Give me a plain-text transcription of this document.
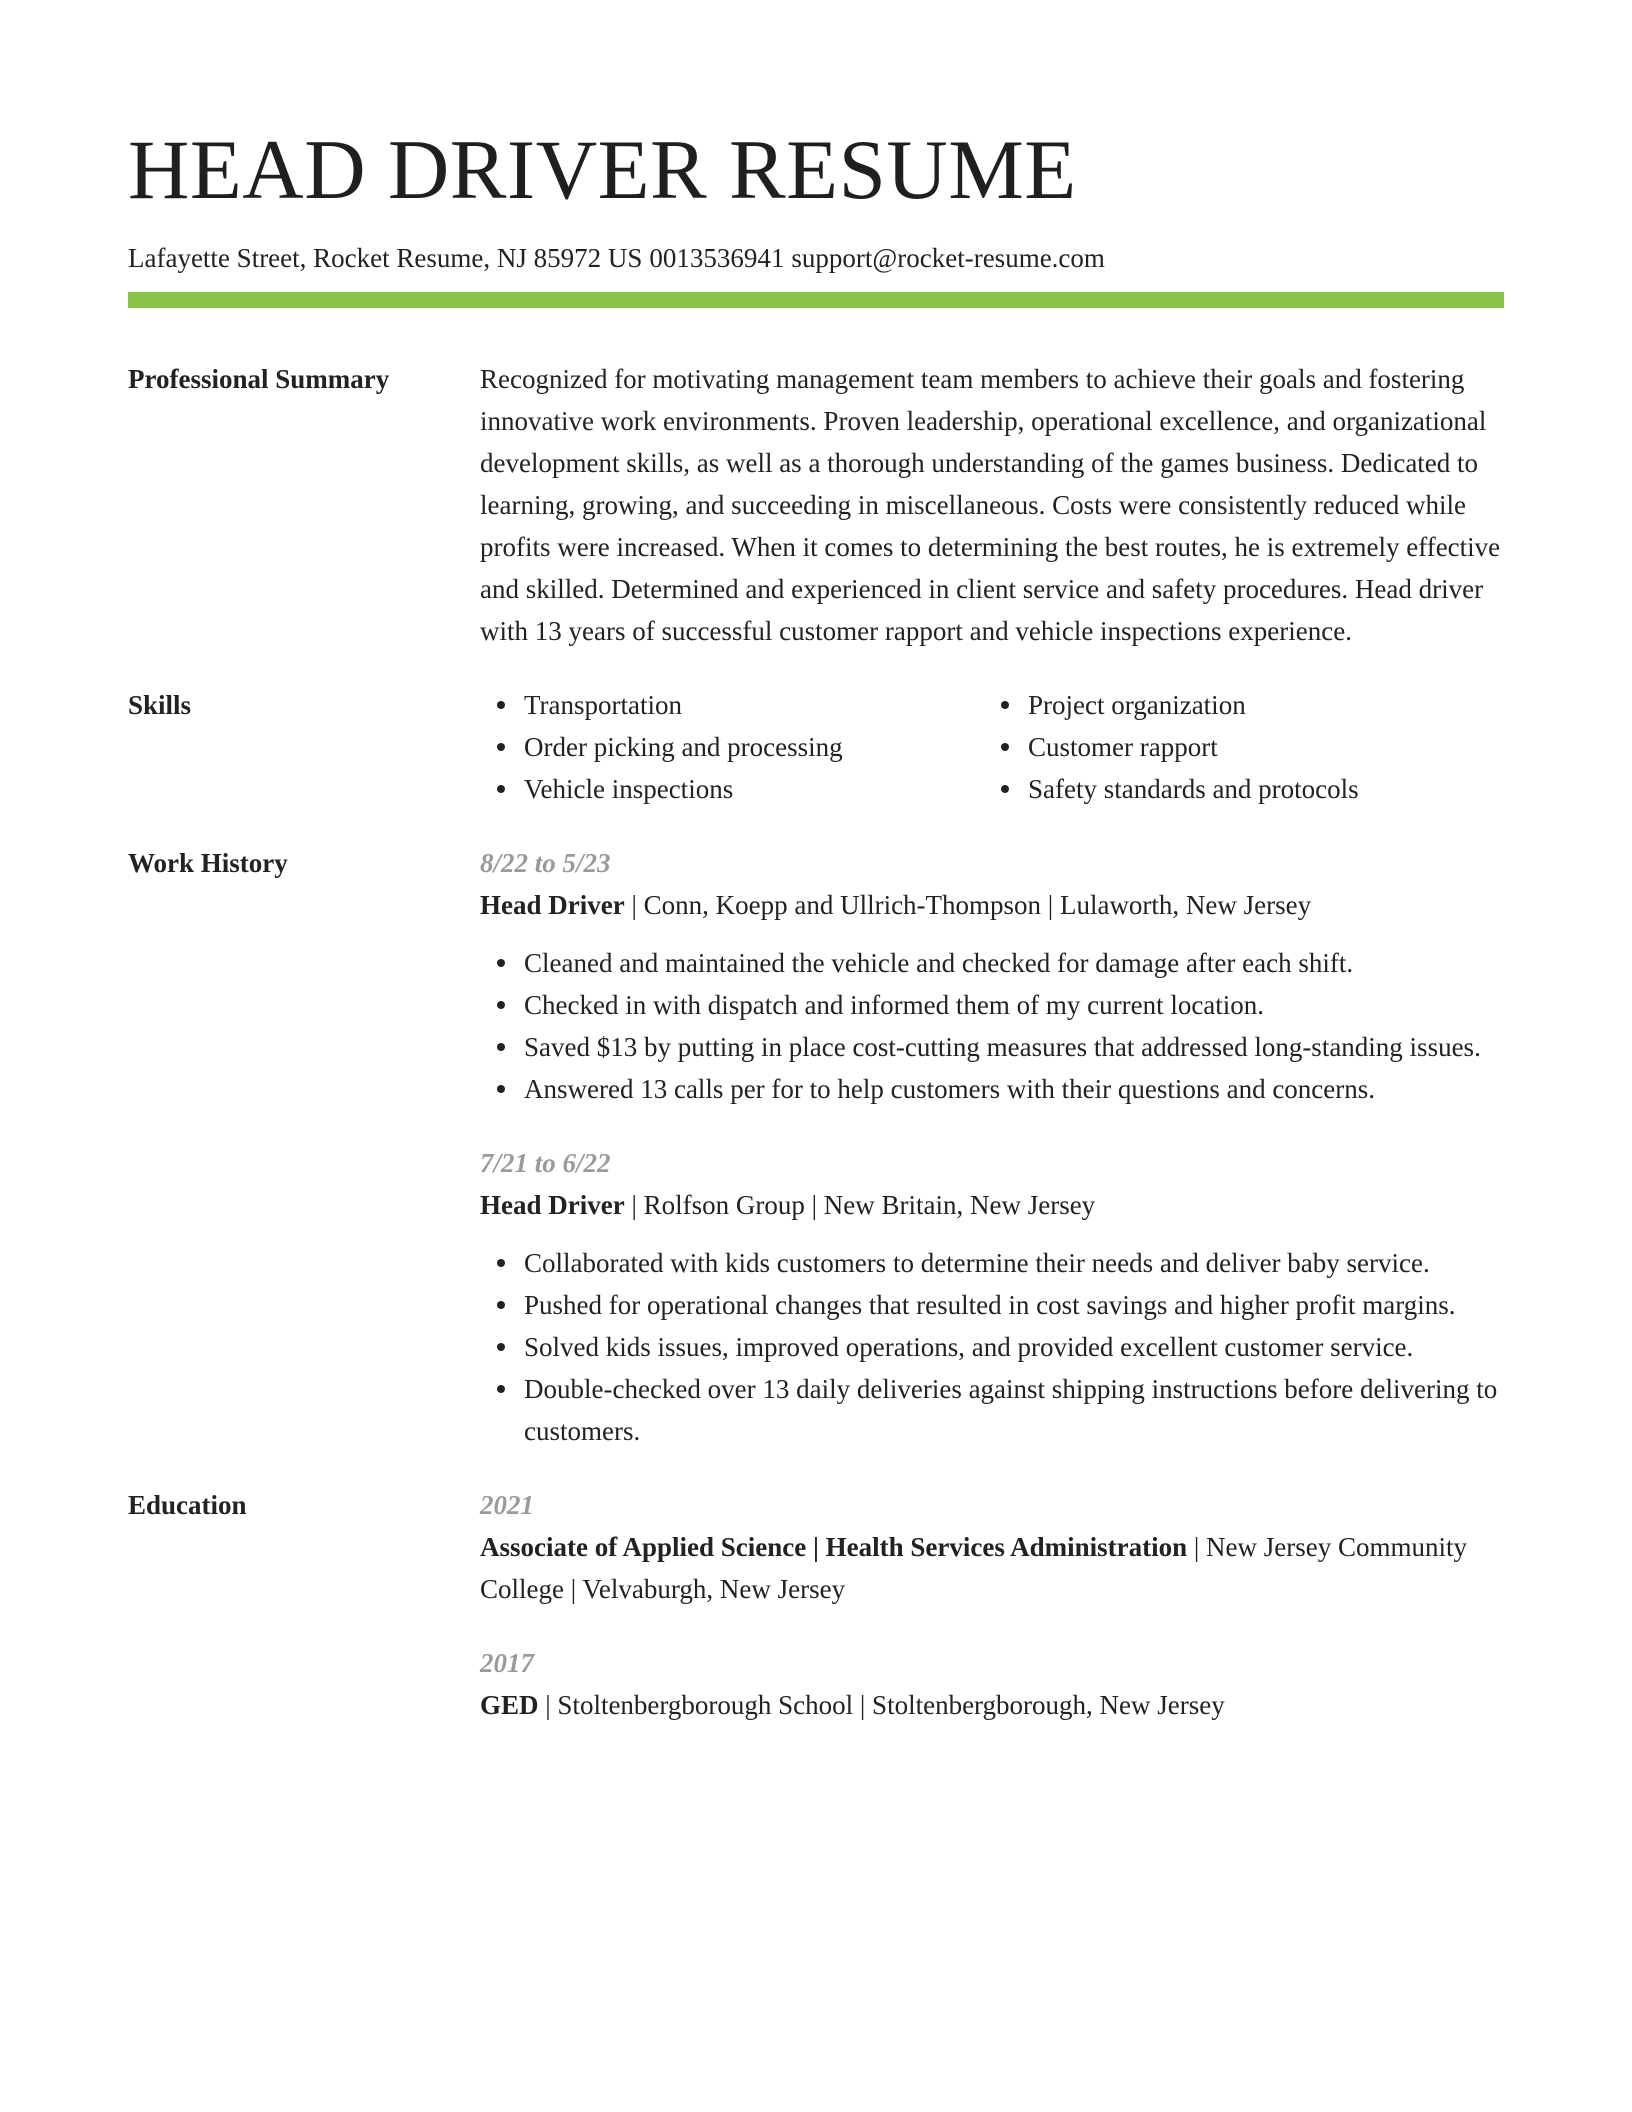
HEAD DRIVER RESUME
Lafayette Street, Rocket Resume, NJ 85972 US 0013536941 support@rocket-resume.com
Professional Summary	Recognized for motivating management team members to achieve their goals and fostering innovative work environments. Proven leadership, operational excellence, and organizational development skills, as well as a thorough understanding of the games business. Dedicated to learning, growing, and succeeding in miscellaneous. Costs were consistently reduced while profits were increased. When it comes to determining the best routes, he is extremely effective and skilled. Determined and experienced in client service and safety procedures. Head driver with 13 years of successful customer rapport and vehicle inspections experience.

Skills	Transportation
Order picking and processing
Vehicle inspections
Project organization
Customer rapport
Safety standards and protocols
Work History	8/22 to 5/23
Head Driver | Conn, Koepp and Ullrich-Thompson | Lulaworth, New Jersey
Cleaned and maintained the vehicle and checked for damage after each shift.
Checked in with dispatch and informed them of my current location.
Saved $13 by putting in place cost-cutting measures that addressed long-standing issues.
Answered 13 calls per for to help customers with their questions and concerns.
7/21 to 6/22
Head Driver | Rolfson Group | New Britain, New Jersey
Collaborated with kids customers to determine their needs and deliver baby service.
Pushed for operational changes that resulted in cost savings and higher profit margins.
Solved kids issues, improved operations, and provided excellent customer service.
Double-checked over 13 daily deliveries against shipping instructions before delivering to customers.
Education	2021
Associate of Applied Science | Health Services Administration | New Jersey Community College | Velvaburgh, New Jersey
2017
GED | Stoltenbergborough School | Stoltenbergborough, New Jersey
